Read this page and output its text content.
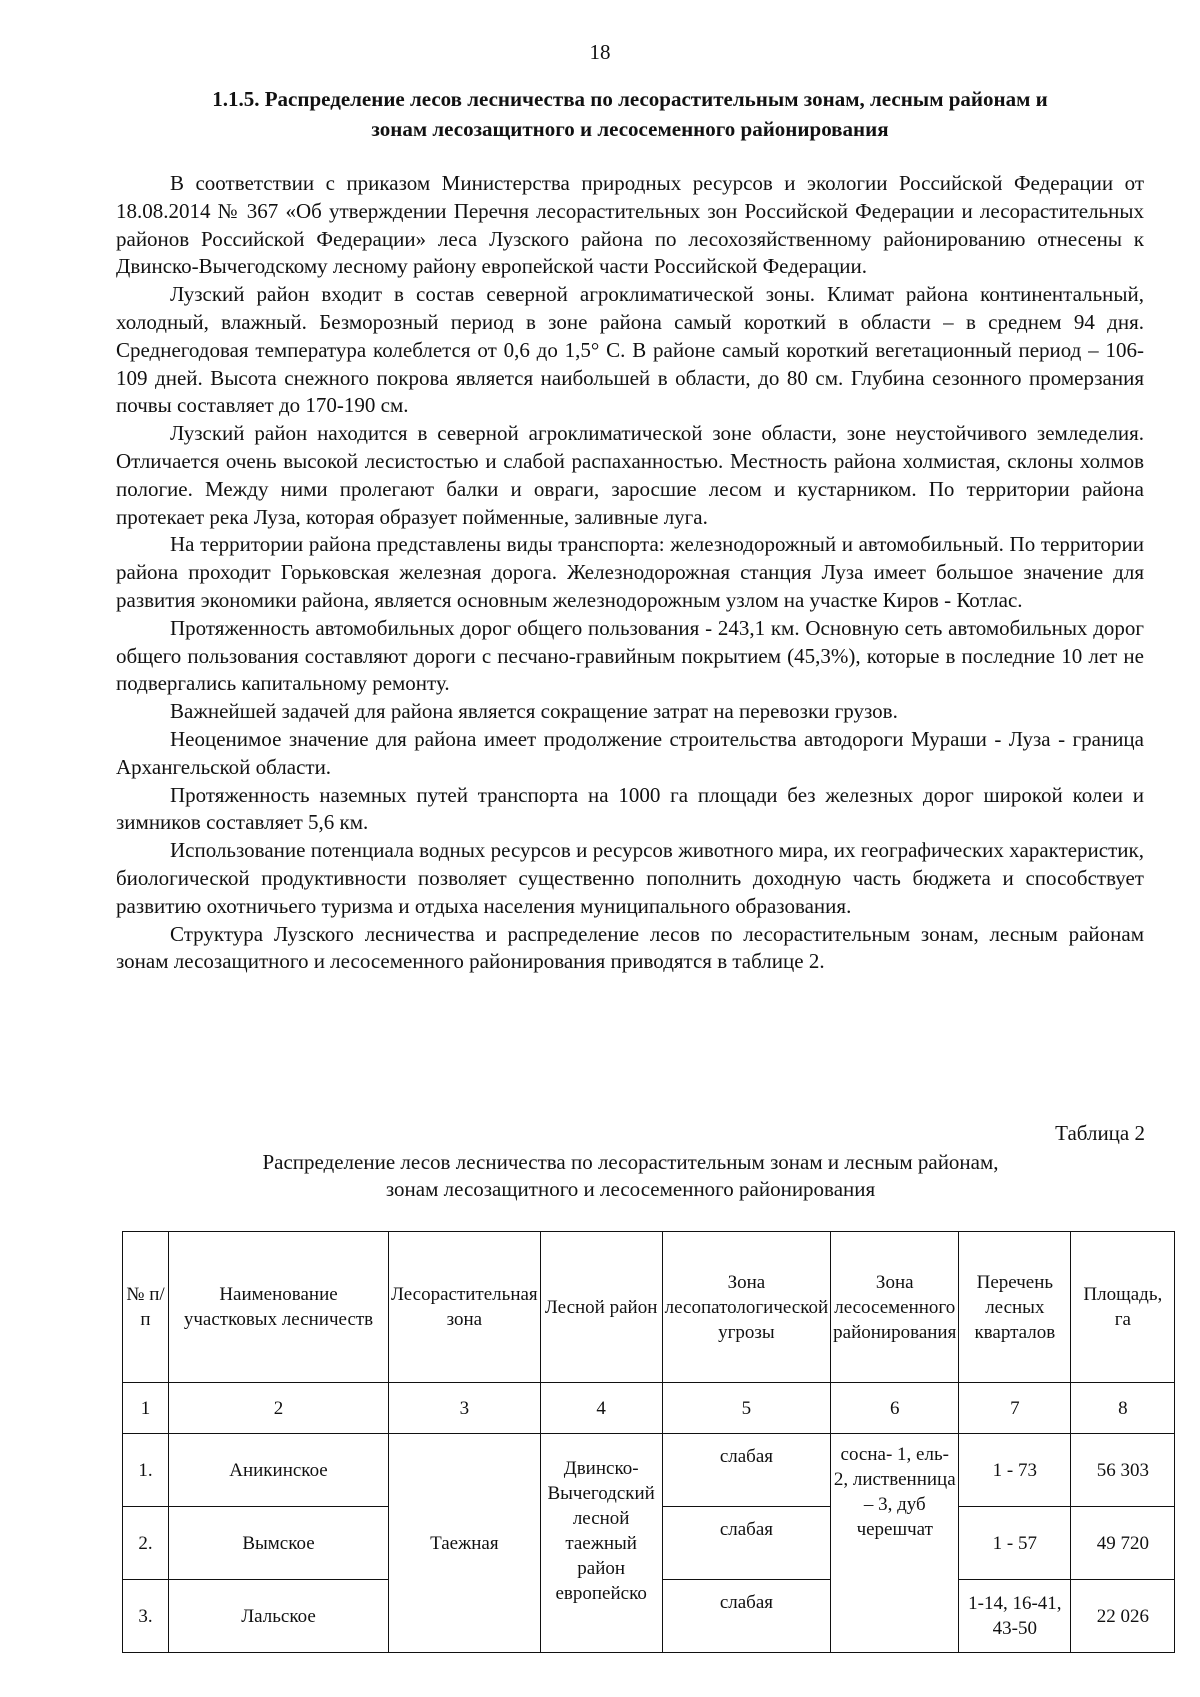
18
1.1.5. Распределение лесов лесничества по лесорастительным зонам, лесным районам и
зонам лесозащитного и лесосеменного районирования

В соответствии с приказом Министерства природных ресурсов и экологии Российской Федерации от 18.08.2014 № 367 «Об утверждении Перечня лесорастительных зон Российской Федерации и лесорастительных районов Российской Федерации» леса Лузского района по лесохозяйственному районированию отнесены к Двинско-Вычегодскому лесному району европейской части Российской Федерации.

Лузский район входит в состав северной агроклиматической зоны. Климат района континентальный, холодный, влажный. Безморозный период в зоне района самый короткий в области – в среднем 94 дня. Среднегодовая температура колеблется от 0,6 до 1,5° С. В районе самый короткий вегетационный период – 106-109 дней. Высота снежного покрова является наибольшей в области, до 80 см. Глубина сезонного промерзания почвы составляет до 170-190 см.

Лузский район находится в северной агроклиматической зоне области, зоне неустойчивого земледелия. Отличается очень высокой лесистостью и слабой распаханностью. Местность района холмистая, склоны холмов пологие. Между ними пролегают балки и овраги, заросшие лесом и кустарником. По территории района протекает река Луза, которая образует пойменные, заливные луга.

На территории района представлены виды транспорта: железнодорожный и автомобильный. По территории района проходит Горьковская железная дорога. Железнодорожная станция Луза имеет большое значение для развития экономики района, является основным железнодорожным узлом на участке Киров - Котлас.

Протяженность автомобильных дорог общего пользования - 243,1 км. Основную сеть автомобильных дорог общего пользования составляют дороги с песчано-гравийным покрытием (45,3%), которые в последние 10 лет не подвергались капитальному ремонту.

Важнейшей задачей для района является сокращение затрат на перевозки грузов.

Неоценимое значение для района имеет продолжение строительства автодороги Мураши - Луза - граница Архангельской области.

Протяженность наземных путей транспорта на 1000 га площади без железных дорог широкой колеи и зимников составляет 5,6 км.

Использование потенциала водных ресурсов и ресурсов животного мира, их географических характеристик, биологической продуктивности позволяет существенно пополнить доходную часть бюджета и способствует развитию охотничьего туризма и отдыха населения муниципального образования.

Структура Лузского лесничества и распределение лесов по лесорастительным зонам, лесным районам зонам лесозащитного и лесосеменного районирования приводятся в таблице 2.

Таблица 2
Распределение лесов лесничества по лесорастительным зонам и лесным районам,
зонам лесозащитного и лесосеменного районирования
№ п/п	Наименование участковых лесничеств	Лесорастительная зона	Лесной район	Зона лесопатологической угрозы	Зона лесосеменного районирования	Перечень лесных кварталов	Площадь, га
1	2	3	4	5	6	7	8
1.	Аникинское	Таежная	Двинско-Вычегодский лесной таежный район европейско	слабая	сосна- 1, ель- 2, лиственница – 3, дуб черешчат	1 - 73	56 303
2.	Вымское			слабая		1 - 57	49 720
3.	Лальское			слабая		1-14, 16-41, 43-50	22 026
